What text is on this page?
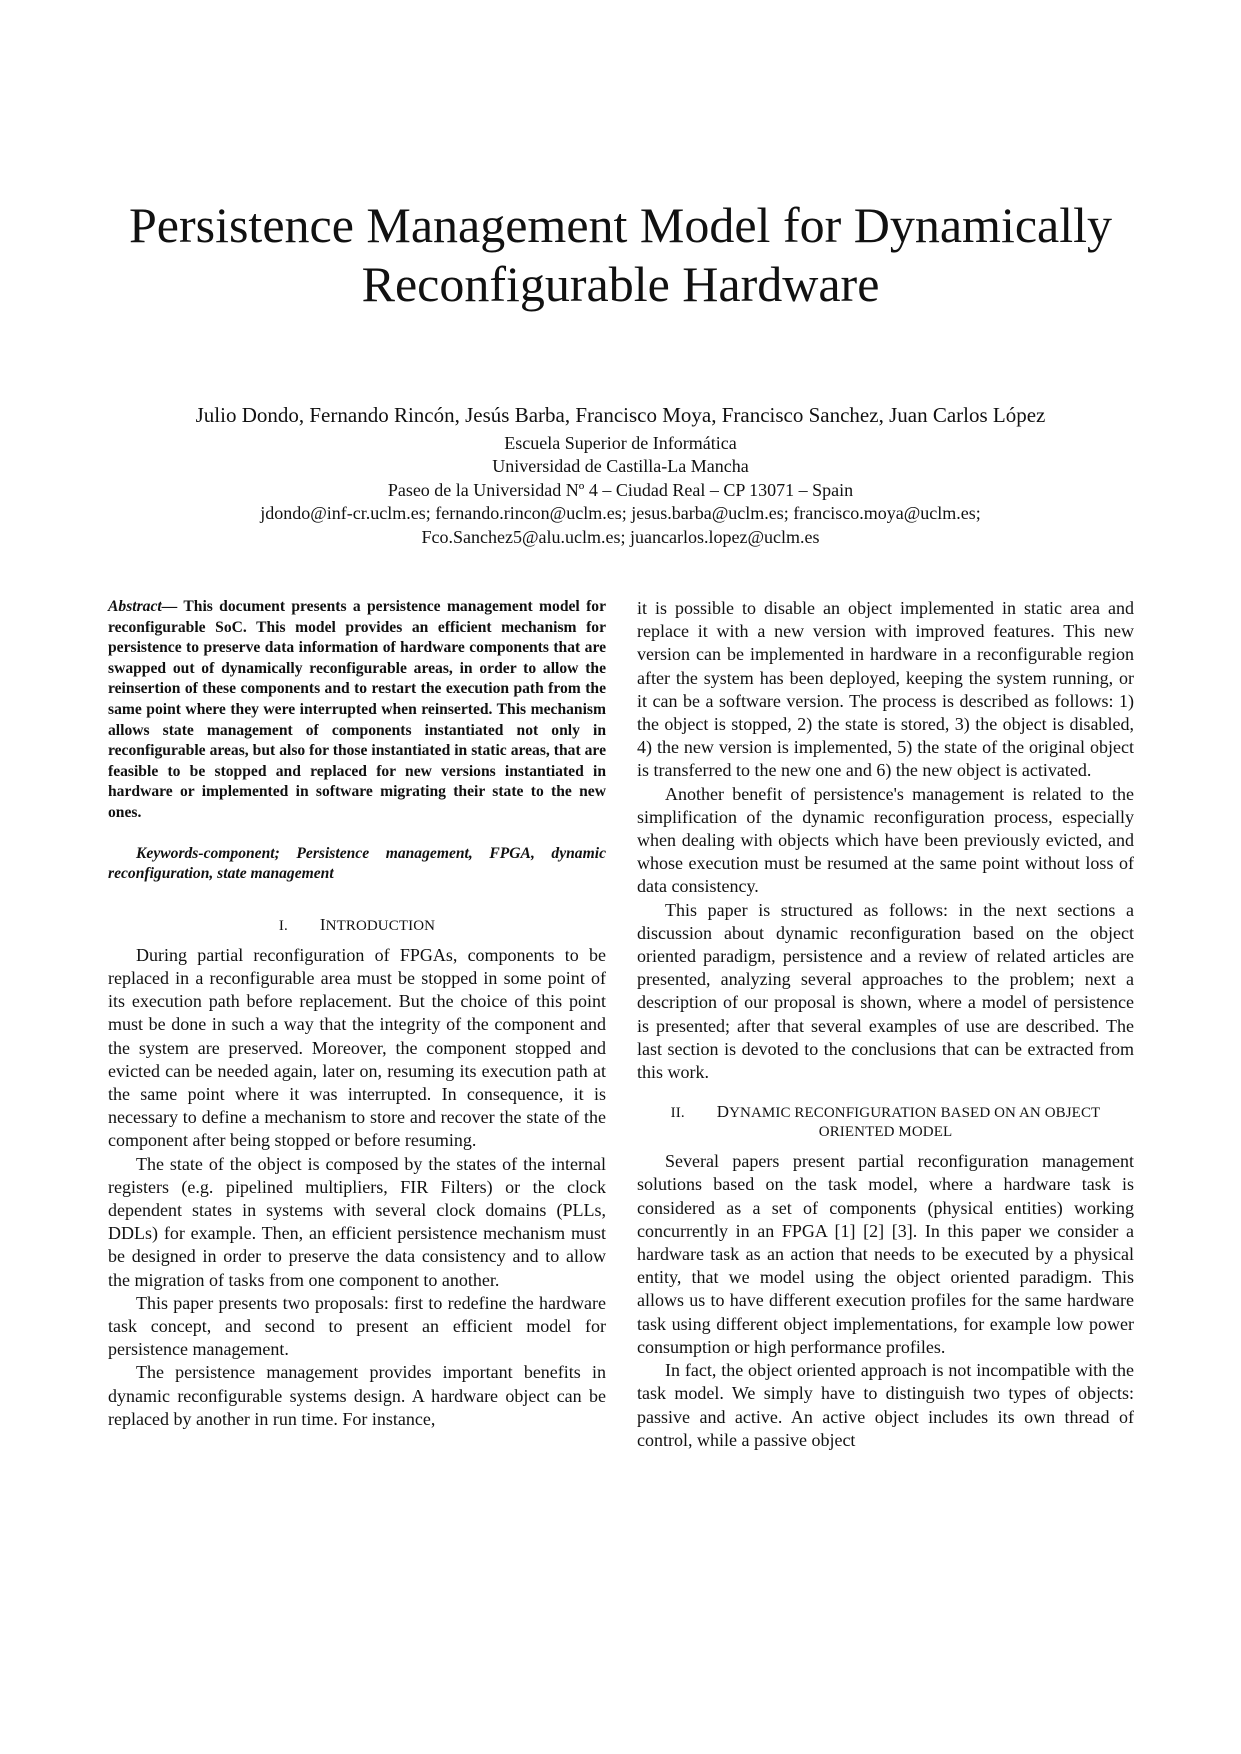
Persistence Management Model for Dynamically
Reconfigurable Hardware
Julio Dondo, Fernando Rincón, Jesús Barba, Francisco Moya, Francisco Sanchez, Juan Carlos López
Escuela Superior de Informática
Universidad de Castilla-La Mancha
Paseo de la Universidad Nº 4 – Ciudad Real – CP 13071 – Spain
jdondo@inf-cr.uclm.es; fernando.rincon@uclm.es; jesus.barba@uclm.es; francisco.moya@uclm.es;
Fco.Sanchez5@alu.uclm.es; juancarlos.lopez@uclm.es

Abstract— This document presents a persistence management model for reconfigurable SoC. This model provides an efficient mechanism for persistence to preserve data information of hardware components that are swapped out of dynamically reconfigurable areas, in order to allow the reinsertion of these components and to restart the execution path from the same point where they were interrupted when reinserted. This mechanism allows state management of components instantiated not only in reconfigurable areas, but also for those instantiated in static areas, that are feasible to be stopped and replaced for new versions instantiated in hardware or implemented in software migrating their state to the new ones.

Keywords-component; Persistence management, FPGA, dynamic reconfiguration, state management

I. INTRODUCTION

During partial reconfiguration of FPGAs, components to be replaced in a reconfigurable area must be stopped in some point of its execution path before replacement. But the choice of this point must be done in such a way that the integrity of the component and the system are preserved. Moreover, the component stopped and evicted can be needed again, later on, resuming its execution path at the same point where it was interrupted. In consequence, it is necessary to define a mechanism to store and recover the state of the component after being stopped or before resuming.

The state of the object is composed by the states of the internal registers (e.g. pipelined multipliers, FIR Filters) or the clock dependent states in systems with several clock domains (PLLs, DDLs) for example. Then, an efficient persistence mechanism must be designed in order to preserve the data consistency and to allow the migration of tasks from one component to another.

This paper presents two proposals: first to redefine the hardware task concept, and second to present an efficient model for persistence management.

The persistence management provides important benefits in dynamic reconfigurable systems design. A hardware object can be replaced by another in run time. For instance,

it is possible to disable an object implemented in static area and replace it with a new version with improved features. This new version can be implemented in hardware in a reconfigurable region after the system has been deployed, keeping the system running, or it can be a software version. The process is described as follows: 1) the object is stopped, 2) the state is stored, 3) the object is disabled, 4) the new version is implemented, 5) the state of the original object is transferred to the new one and 6) the new object is activated.

Another benefit of persistence's management is related to the simplification of the dynamic reconfiguration process, especially when dealing with objects which have been previously evicted, and whose execution must be resumed at the same point without loss of data consistency.

This paper is structured as follows: in the next sections a discussion about dynamic reconfiguration based on the object oriented paradigm, persistence and a review of related articles are presented, analyzing several approaches to the problem; next a description of our proposal is shown, where a model of persistence is presented; after that several examples of use are described. The last section is devoted to the conclusions that can be extracted from this work.

II. DYNAMIC RECONFIGURATION BASED ON AN OBJECT
ORIENTED MODEL

Several papers present partial reconfiguration management solutions based on the task model, where a hardware task is considered as a set of components (physical entities) working concurrently in an FPGA [1] [2] [3]. In this paper we consider a hardware task as an action that needs to be executed by a physical entity, that we model using the object oriented paradigm. This allows us to have different execution profiles for the same hardware task using different object implementations, for example low power consumption or high performance profiles.

In fact, the object oriented approach is not incompatible with the task model. We simply have to distinguish two types of objects: passive and active. An active object includes its own thread of control, while a passive object
